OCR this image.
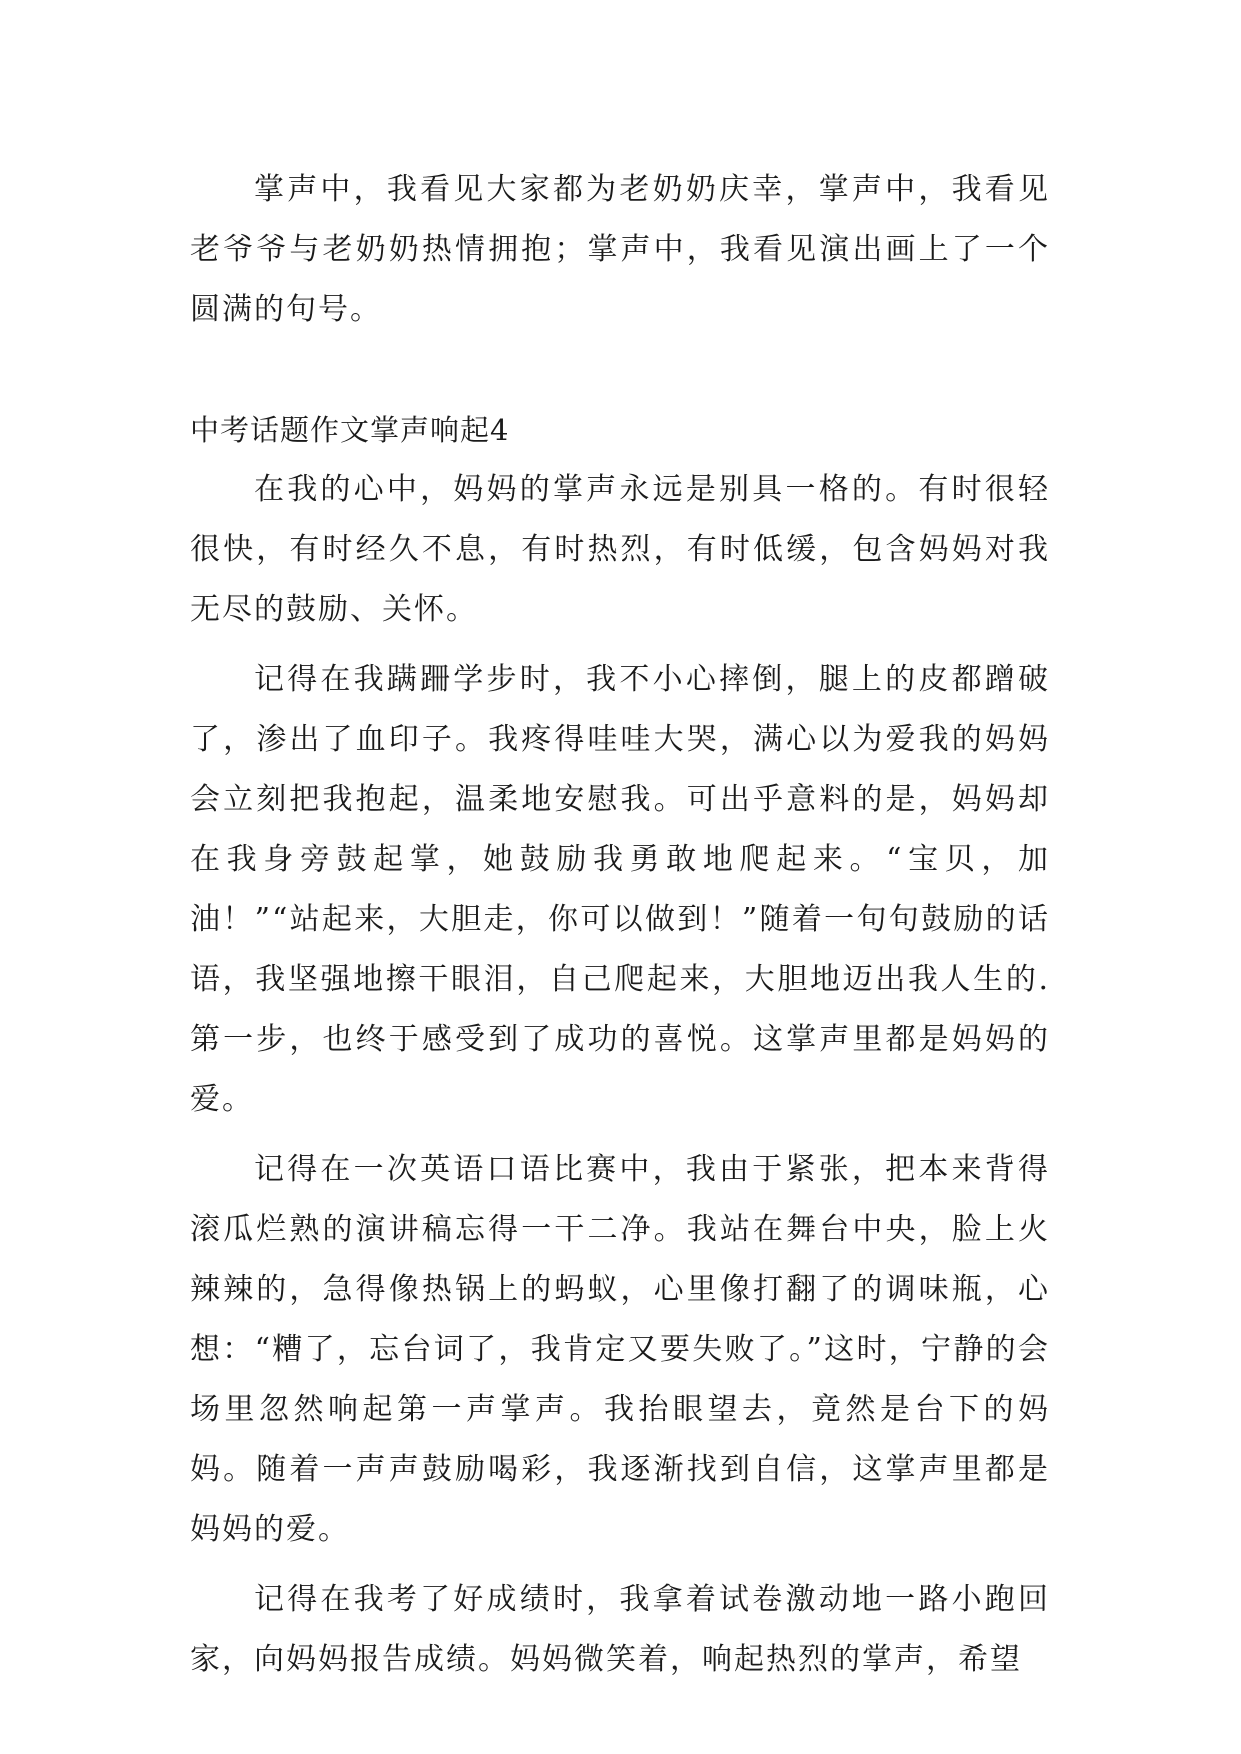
掌声中，我看见大家都为老奶奶庆幸，掌声中，我看见老爷爷与老奶奶热情拥抱；掌声中，我看见演出画上了一个圆满的句号。

中考话题作文掌声响起4

在我的心中，妈妈的掌声永远是别具一格的。有时很轻很快，有时经久不息，有时热烈，有时低缓，包含妈妈对我无尽的鼓励、关怀。

记得在我蹒跚学步时，我不小心摔倒，腿上的皮都蹭破了，渗出了血印子。我疼得哇哇大哭，满心以为爱我的妈妈会立刻把我抱起，温柔地安慰我。可出乎意料的是，妈妈却在我身旁鼓起掌，她鼓励我勇敢地爬起来。“宝贝，加油！”“站起来，大胆走，你可以做到！”随着一句句鼓励的话语，我坚强地擦干眼泪，自己爬起来，大胆地迈出我人生的.第一步，也终于感受到了成功的喜悦。这掌声里都是妈妈的爱。

记得在一次英语口语比赛中，我由于紧张，把本来背得滚瓜烂熟的演讲稿忘得一干二净。我站在舞台中央，脸上火辣辣的，急得像热锅上的蚂蚁，心里像打翻了的调味瓶，心想：“糟了，忘台词了，我肯定又要失败了。”这时，宁静的会场里忽然响起第一声掌声。我抬眼望去，竟然是台下的妈妈。随着一声声鼓励喝彩，我逐渐找到自信，这掌声里都是妈妈的爱。

记得在我考了好成绩时，我拿着试卷激动地一路小跑回家，向妈妈报告成绩。妈妈微笑着，响起热烈的掌声，希望
